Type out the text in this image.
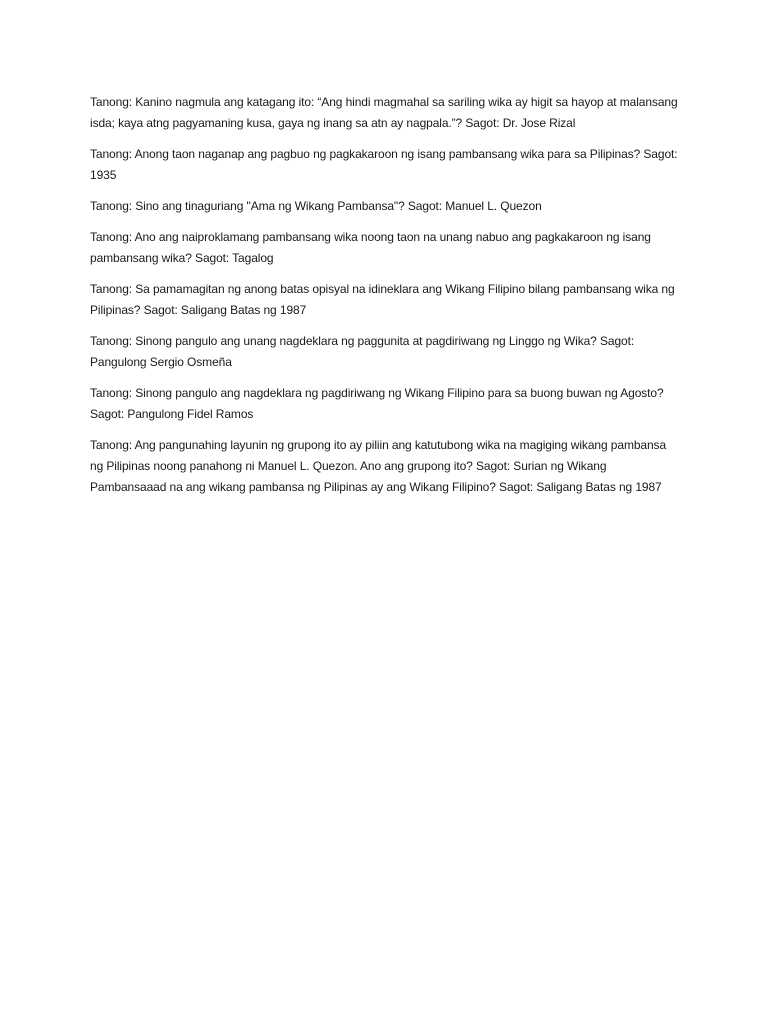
Tanong: Kanino nagmula ang katagang ito: “Ang hindi magmahal sa sariling wika ay higit sa hayop at malansang isda; kaya atng pagyamaning kusa, gaya ng inang sa atn ay nagpala.”? Sagot: Dr. Jose Rizal

Tanong: Anong taon naganap ang pagbuo ng pagkakaroon ng isang pambansang wika para sa Pilipinas? Sagot: 1935

Tanong: Sino ang tinaguriang "Ama ng Wikang Pambansa"? Sagot: Manuel L. Quezon

Tanong: Ano ang naiproklamang pambansang wika noong taon na unang nabuo ang pagkakaroon ng isang pambansang wika? Sagot: Tagalog

Tanong: Sa pamamagitan ng anong batas opisyal na idineklara ang Wikang Filipino bilang pambansang wika ng Pilipinas? Sagot: Saligang Batas ng 1987

Tanong: Sinong pangulo ang unang nagdeklara ng paggunita at pagdiriwang ng Linggo ng Wika? Sagot: Pangulong Sergio Osmeña

Tanong: Sinong pangulo ang nagdeklara ng pagdiriwang ng Wikang Filipino para sa buong buwan ng Agosto? Sagot: Pangulong Fidel Ramos

Tanong: Ang pangunahing layunin ng grupong ito ay piliin ang katutubong wika na magiging wikang pambansa ng Pilipinas noong panahong ni Manuel L. Quezon. Ano ang grupong ito? Sagot: Surian ng Wikang Pambansaaad na ang wikang pambansa ng Pilipinas ay ang Wikang Filipino? Sagot: Saligang Batas ng 1987
